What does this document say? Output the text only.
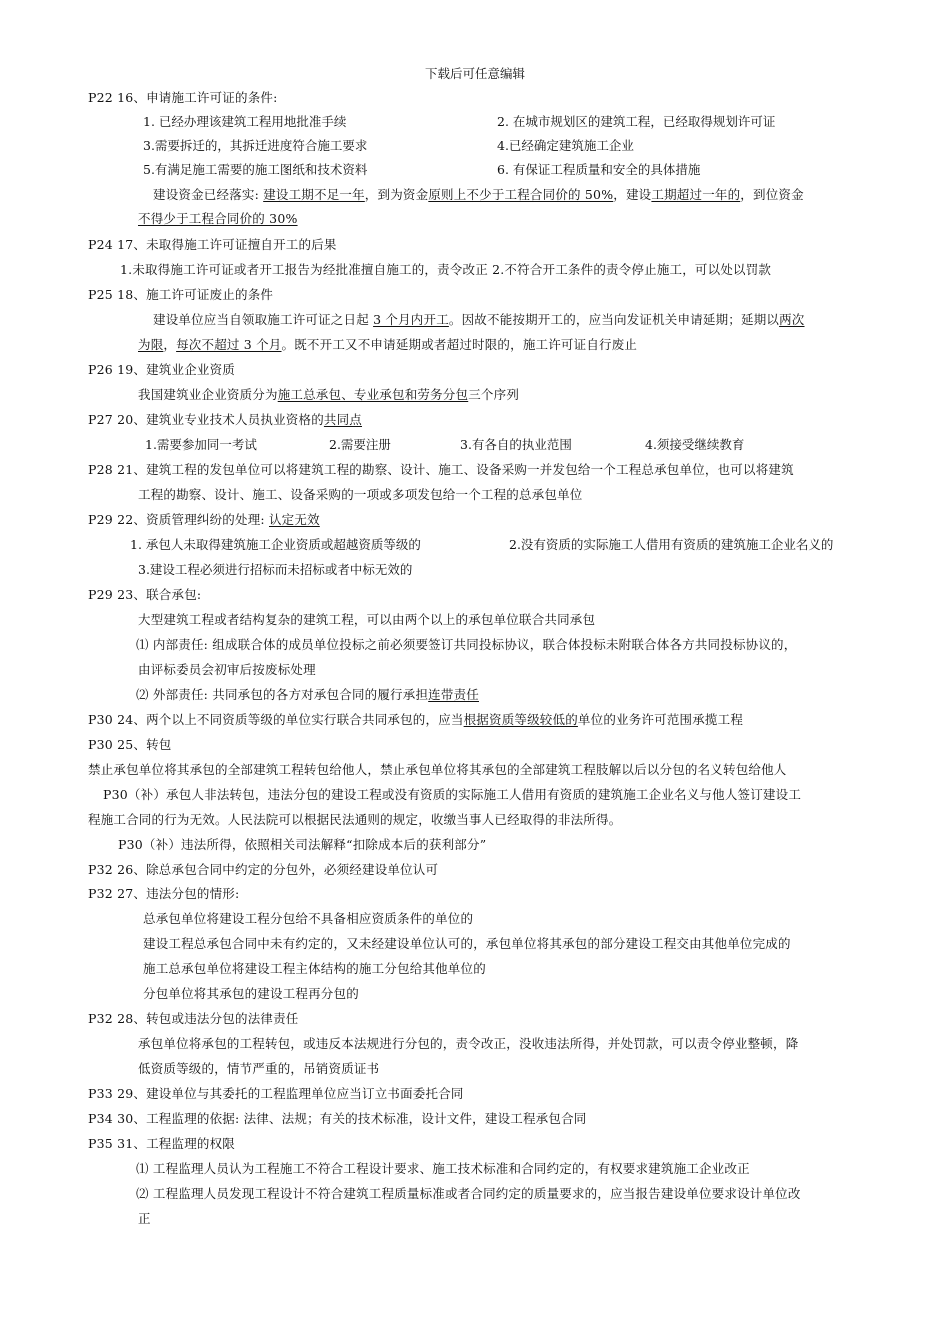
下载后可任意编辑
P22 16、申请施工许可证的条件:
1. 已经办理该建筑工程用地批准手续	2. 在城市规划区的建筑工程，已经取得规划许可证
3.需要拆迁的，其拆迁进度符合施工要求	4.已经确定建筑施工企业
5.有满足施工需要的施工图纸和技术资料	6. 有保证工程质量和安全的具体措施
建设资金已经落实: 建设工期不足一年，到为资金原则上不少于工程合同价的 50%，建设工期超过一年的，到位资金
不得少于工程合同价的 30%
P24 17、未取得施工许可证擅自开工的后果
1.未取得施工许可证或者开工报告为经批准擅自施工的，责令改正 2.不符合开工条件的责令停止施工，可以处以罚款
P25 18、施工许可证废止的条件
建设单位应当自领取施工许可证之日起 3 个月内开工。因故不能按期开工的，应当向发证机关申请延期；延期以两次
为限，每次不超过 3 个月。既不开工又不申请延期或者超过时限的，施工许可证自行废止
P26 19、建筑业企业资质
我国建筑业企业资质分为施工总承包、专业承包和劳务分包三个序列
P27 20、建筑业专业技术人员执业资格的共同点
1.需要参加同一考试	2.需要注册	3.有各自的执业范围	4.须接受继续教育
P28 21、建筑工程的发包单位可以将建筑工程的勘察、设计、施工、设备采购一并发包给一个工程总承包单位，也可以将建筑
工程的勘察、设计、施工、设备采购的一项或多项发包给一个工程的总承包单位
P29 22、资质管理纠纷的处理: 认定无效
1. 承包人未取得建筑施工企业资质或超越资质等级的	2.没有资质的实际施工人借用有资质的建筑施工企业名义的
3.建设工程必须进行招标而未招标或者中标无效的
P29 23、联合承包:
大型建筑工程或者结构复杂的建筑工程，可以由两个以上的承包单位联合共同承包
⑴ 内部责任: 组成联合体的成员单位投标之前必须要签订共同投标协议，联合体投标未附联合体各方共同投标协议的，
由评标委员会初审后按废标处理
⑵ 外部责任: 共同承包的各方对承包合同的履行承担连带责任
P30 24、两个以上不同资质等级的单位实行联合共同承包的，应当根据资质等级较低的单位的业务许可范围承揽工程
P30 25、转包
禁止承包单位将其承包的全部建筑工程转包给他人，禁止承包单位将其承包的全部建筑工程肢解以后以分包的名义转包给他人
P30（补）承包人非法转包，违法分包的建设工程或没有资质的实际施工人借用有资质的建筑施工企业名义与他人签订建设工
程施工合同的行为无效。人民法院可以根据民法通则的规定，收缴当事人已经取得的非法所得。
P30（补）违法所得，依照相关司法解释“扣除成本后的获利部分”
P32 26、除总承包合同中约定的分包外，必须经建设单位认可
P32 27、违法分包的情形:
总承包单位将建设工程分包给不具备相应资质条件的单位的
建设工程总承包合同中未有约定的，又未经建设单位认可的，承包单位将其承包的部分建设工程交由其他单位完成的
施工总承包单位将建设工程主体结构的施工分包给其他单位的
分包单位将其承包的建设工程再分包的
P32 28、转包或违法分包的法律责任
承包单位将承包的工程转包，或违反本法规进行分包的，责令改正，没收违法所得，并处罚款，可以责令停业整顿，降
低资质等级的，情节严重的，吊销资质证书
P33 29、建设单位与其委托的工程监理单位应当订立书面委托合同
P34 30、工程监理的依据: 法律、法规；有关的技术标准，设计文件，建设工程承包合同
P35 31、工程监理的权限
⑴ 工程监理人员认为工程施工不符合工程设计要求、施工技术标准和合同约定的，有权要求建筑施工企业改正
⑵ 工程监理人员发现工程设计不符合建筑工程质量标准或者合同约定的质量要求的，应当报告建设单位要求设计单位改
正
